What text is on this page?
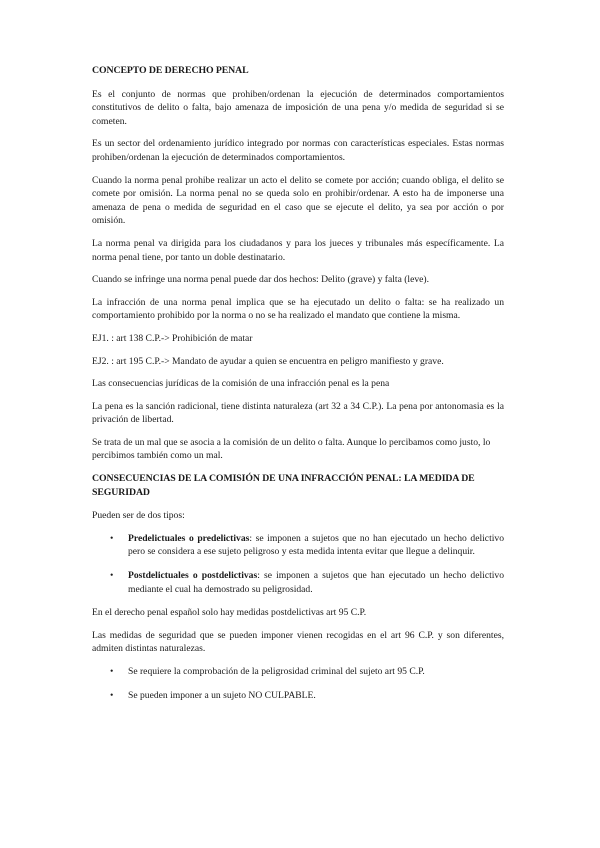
CONCEPTO DE DERECHO PENAL

Es el conjunto de normas que prohiben/ordenan la ejecución de determinados comportamientos constitutivos de delito o falta, bajo amenaza de imposición de una pena y/o medida de seguridad si se cometen.

Es un sector del ordenamiento jurídico integrado por normas con características especiales. Estas normas prohiben/ordenan la ejecución de determinados comportamientos.

Cuando la norma penal prohibe realizar un acto el delito se comete por acción; cuando obliga, el delito se comete por omisión. La norma penal no se queda solo en prohibir/ordenar. A esto ha de imponerse una amenaza de pena o medida de seguridad en el caso que se ejecute el delito, ya sea por acción o por omisión.

La norma penal va dirigida para los ciudadanos y para los jueces y tribunales más específicamente. La norma penal tiene, por tanto un doble destinatario.

Cuando se infringe una norma penal puede dar dos hechos: Delito (grave) y falta (leve).

La infracción de una norma penal implica que se ha ejecutado un delito o falta: se ha realizado un comportamiento prohibido por la norma o no se ha realizado el mandato que contiene la misma.

EJ1. : art 138 C.P.-> Prohibición de matar

EJ2. : art 195 C.P.-> Mandato de ayudar a quien se encuentra en peligro manifiesto y grave.

Las consecuencias jurídicas de la comisión de una infracción penal es la pena

La pena es la sanción radicional, tiene distinta naturaleza (art 32 a 34 C.P.). La pena por antonomasia es la privación de libertad.

Se trata de un mal que se asocia a la comisión de un delito o falta. Aunque lo percibamos como justo, lo percibimos también como un mal.

CONSECUENCIAS DE LA COMISIÓN DE UNA INFRACCIÓN PENAL: LA MEDIDA DE SEGURIDAD

Pueden ser de dos tipos:

• Predelictuales o predelictivas: se imponen a sujetos que no han ejecutado un hecho delictivo pero se considera a ese sujeto peligroso y esta medida intenta evitar que llegue a delinquir.
• Postdelictuales o postdelictivas: se imponen a sujetos que han ejecutado un hecho delictivo mediante el cual ha demostrado su peligrosidad.

En el derecho penal español solo hay medidas postdelictivas art 95 C.P.

Las medidas de seguridad que se pueden imponer vienen recogidas en el art 96 C.P. y son diferentes, admiten distintas naturalezas.

• Se requiere la comprobación de la peligrosidad criminal del sujeto art 95 C.P.
• Se pueden imponer a un sujeto NO CULPABLE.
